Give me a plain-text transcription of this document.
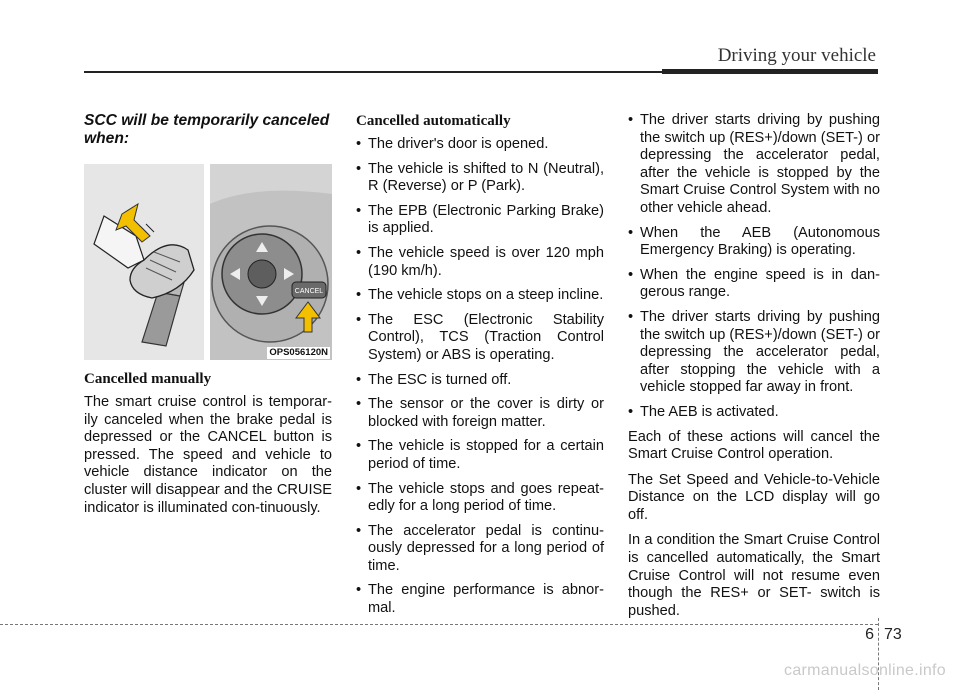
Driving your vehicle
SCC will be temporarily canceled when:
CANCEL
OPS056120N
Cancelled manually
The smart cruise control is temporar-ily canceled when the brake pedal is depressed or the CANCEL button is pressed. The speed and vehicle to vehicle distance indicator on the cluster will disappear and the CRUISE indicator is illuminated con-tinuously.
Cancelled automatically
• The driver's door is opened.
• The vehicle is shifted to N (Neutral), R (Reverse) or P (Park).
• The EPB (Electronic Parking Brake) is applied.
• The vehicle speed is over 120 mph (190 km/h).
• The vehicle stops on a steep incline.
• The ESC (Electronic Stability Control), TCS (Traction Control System) or ABS is operating.
• The ESC is turned off.
• The sensor or the cover is dirty or blocked with foreign matter.
• The vehicle is stopped for a certain period of time.
• The vehicle stops and goes repeat-edly for a long period of time.
• The accelerator pedal is continu-ously depressed for a long period of time.
• The engine performance is abnor-mal.
• The driver starts driving by pushing the switch up (RES+)/down (SET-) or depressing the accelerator pedal, after the vehicle is stopped by the Smart Cruise Control System with no other vehicle ahead.
• When the AEB (Autonomous Emergency Braking) is operating.
• When the engine speed is in dan-gerous range.
• The driver starts driving by pushing the switch up (RES+)/down (SET-) or depressing the accelerator pedal, after stopping the vehicle with a vehicle stopped far away in front.
• The AEB is activated.
Each of these actions will cancel the Smart Cruise Control operation.
The Set Speed and Vehicle-to-Vehicle Distance on the LCD display will go off.
In a condition the Smart Cruise Control is cancelled automatically, the Smart Cruise Control will not resume even though the RES+ or SET- switch is pushed.
6 73
carmanualsonline.info
